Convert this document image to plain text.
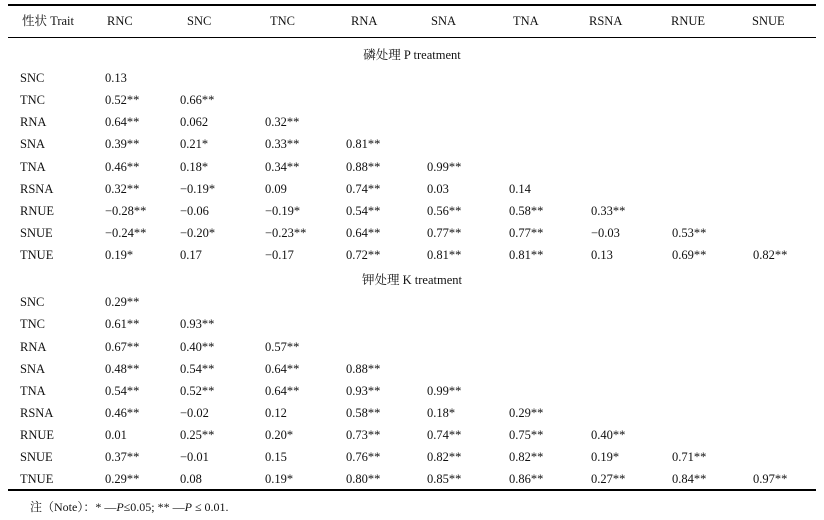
性状 Trait	RNC	SNC	TNC	RNA	SNA	TNA	RSNA	RNUE	SNUE
磷处理 P treatment
SNC	0.13
TNC	0.52**	0.66**
RNA	0.64**	0.062	0.32**
SNA	0.39**	0.21*	0.33**	0.81**
TNA	0.46**	0.18*	0.34**	0.88**	0.99**
RSNA	0.32**	−0.19*	0.09	0.74**	0.03	0.14
RNUE	−0.28**	−0.06	−0.19*	0.54**	0.56**	0.58**	0.33**
SNUE	−0.24**	−0.20*	−0.23**	0.64**	0.77**	0.77**	−0.03	0.53**
TNUE	0.19*	0.17	−0.17	0.72**	0.81**	0.81**	0.13	0.69**	0.82**
钾处理 K treatment
SNC	0.29**
TNC	0.61**	0.93**
RNA	0.67**	0.40**	0.57**
SNA	0.48**	0.54**	0.64**	0.88**
TNA	0.54**	0.52**	0.64**	0.93**	0.99**
RSNA	0.46**	−0.02	0.12	0.58**	0.18*	0.29**
RNUE	0.01	0.25**	0.20*	0.73**	0.74**	0.75**	0.40**
SNUE	0.37**	−0.01	0.15	0.76**	0.82**	0.82**	0.19*	0.71**
TNUE	0.29**	0.08	0.19*	0.80**	0.85**	0.86**	0.27**	0.84**	0.97**
注（Note）：* —P≤0.05; ** —P ≤ 0.01.
